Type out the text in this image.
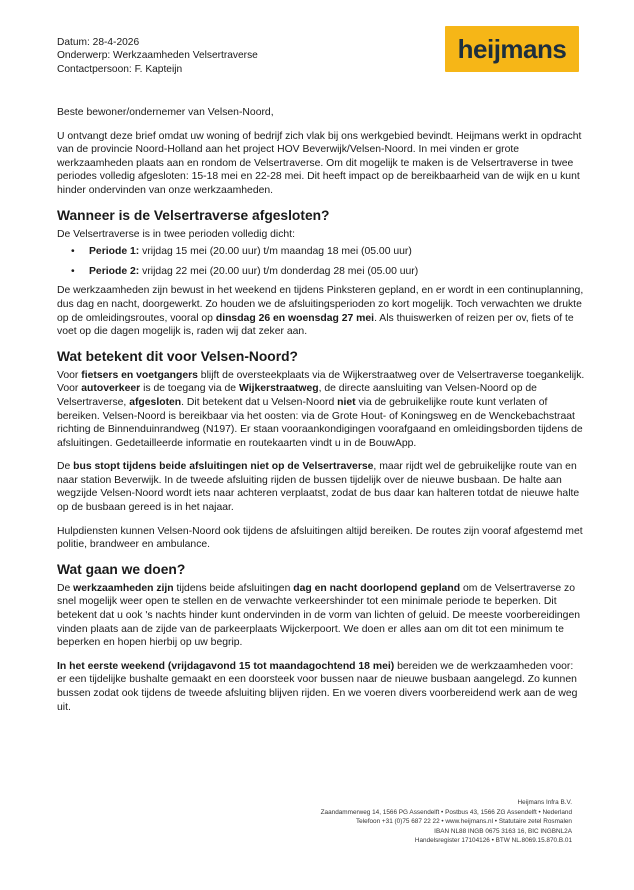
Datum: 28-4-2026
Onderwerp: Werkzaamheden Velsertraverse
Contactpersoon: F. Kapteijn
heijmans

Beste bewoner/ondernemer van Velsen-Noord,

U ontvangt deze brief omdat uw woning of bedrijf zich vlak bij ons werkgebied bevindt. Heijmans werkt in opdracht van de provincie Noord-Holland aan het project HOV Beverwijk/Velsen-Noord. In mei vinden er grote werkzaamheden plaats aan en rondom de Velsertraverse. Om dit mogelijk te maken is de Velsertraverse in twee periodes volledig afgesloten: 15-18 mei en 22-28 mei. Dit heeft impact op de bereikbaarheid van de wijk en u kunt hinder ondervinden van onze werkzaamheden.

Wanneer is de Velsertraverse afgesloten?
De Velsertraverse is in twee perioden volledig dicht:
• Periode 1: vrijdag 15 mei (20.00 uur) t/m maandag 18 mei (05.00 uur)
• Periode 2: vrijdag 22 mei (20.00 uur) t/m donderdag 28 mei (05.00 uur)

De werkzaamheden zijn bewust in het weekend en tijdens Pinksteren gepland, en er wordt in een continuplanning, dus dag en nacht, doorgewerkt. Zo houden we de afsluitingsperioden zo kort mogelijk. Toch verwachten we drukte op de omleidingsroutes, vooral op dinsdag 26 en woensdag 27 mei. Als thuiswerken of reizen per ov, fiets of te voet op die dagen mogelijk is, raden wij dat zeker aan.

Wat betekent dit voor Velsen-Noord?

Voor fietsers en voetgangers blijft de oversteekplaats via de Wijkerstraatweg over de Velsertraverse toegankelijk. Voor autoverkeer is de toegang via de Wijkerstraatweg, de directe aansluiting van Velsen-Noord op de Velsertraverse, afgesloten. Dit betekent dat u Velsen-Noord niet via de gebruikelijke route kunt verlaten of bereiken. Velsen-Noord is bereikbaar via het oosten: via de Grote Hout- of Koningsweg en de Wenckebachstraat richting de Binnenduinrandweg (N197). Er staan vooraankondigingen voorafgaand en omleidingsborden tijdens de afsluitingen. Gedetailleerde informatie en routekaarten vindt u in de BouwApp.

De bus stopt tijdens beide afsluitingen niet op de Velsertraverse, maar rijdt wel de gebruikelijke route van en naar station Beverwijk. In de tweede afsluiting rijden de bussen tijdelijk over de nieuwe busbaan. De halte aan wegzijde Velsen-Noord wordt iets naar achteren verplaatst, zodat de bus daar kan halteren totdat de nieuwe halte op de busbaan gereed is in het najaar.

Hulpdiensten kunnen Velsen-Noord ook tijdens de afsluitingen altijd bereiken. De routes zijn vooraf afgestemd met politie, brandweer en ambulance.

Wat gaan we doen?

De werkzaamheden zijn tijdens beide afsluitingen dag en nacht doorlopend gepland om de Velsertraverse zo snel mogelijk weer open te stellen en de verwachte verkeershinder tot een minimale periode te beperken. Dit betekent dat u ook 's nachts hinder kunt ondervinden in de vorm van lichten of geluid. De meeste voorbereidingen vinden plaats aan de zijde van de parkeerplaats Wijckerpoort. We doen er alles aan om dit tot een minimum te beperken en hopen hierbij op uw begrip.

In het eerste weekend (vrijdagavond 15 tot maandagochtend 18 mei) bereiden we de werkzaamheden voor: er een tijdelijke bushalte gemaakt en een doorsteek voor bussen naar de nieuwe busbaan aangelegd. Zo kunnen bussen zodat ook tijdens de tweede afsluiting blijven rijden. En we voeren divers voorbereidend werk aan de weg uit.

Heijmans Infra B.V.
Zaandammerweg 14, 1566 PG Assendelft • Postbus 43, 1566 ZG Assendelft • Nederland
Telefoon +31 (0)75 687 22 22 • www.heijmans.nl • Statutaire zetel Rosmalen
IBAN NL88 INGB 0675 3163 16, BIC INGBNL2A
Handelsregister 17104126 • BTW NL.8069.15.870.B.01
